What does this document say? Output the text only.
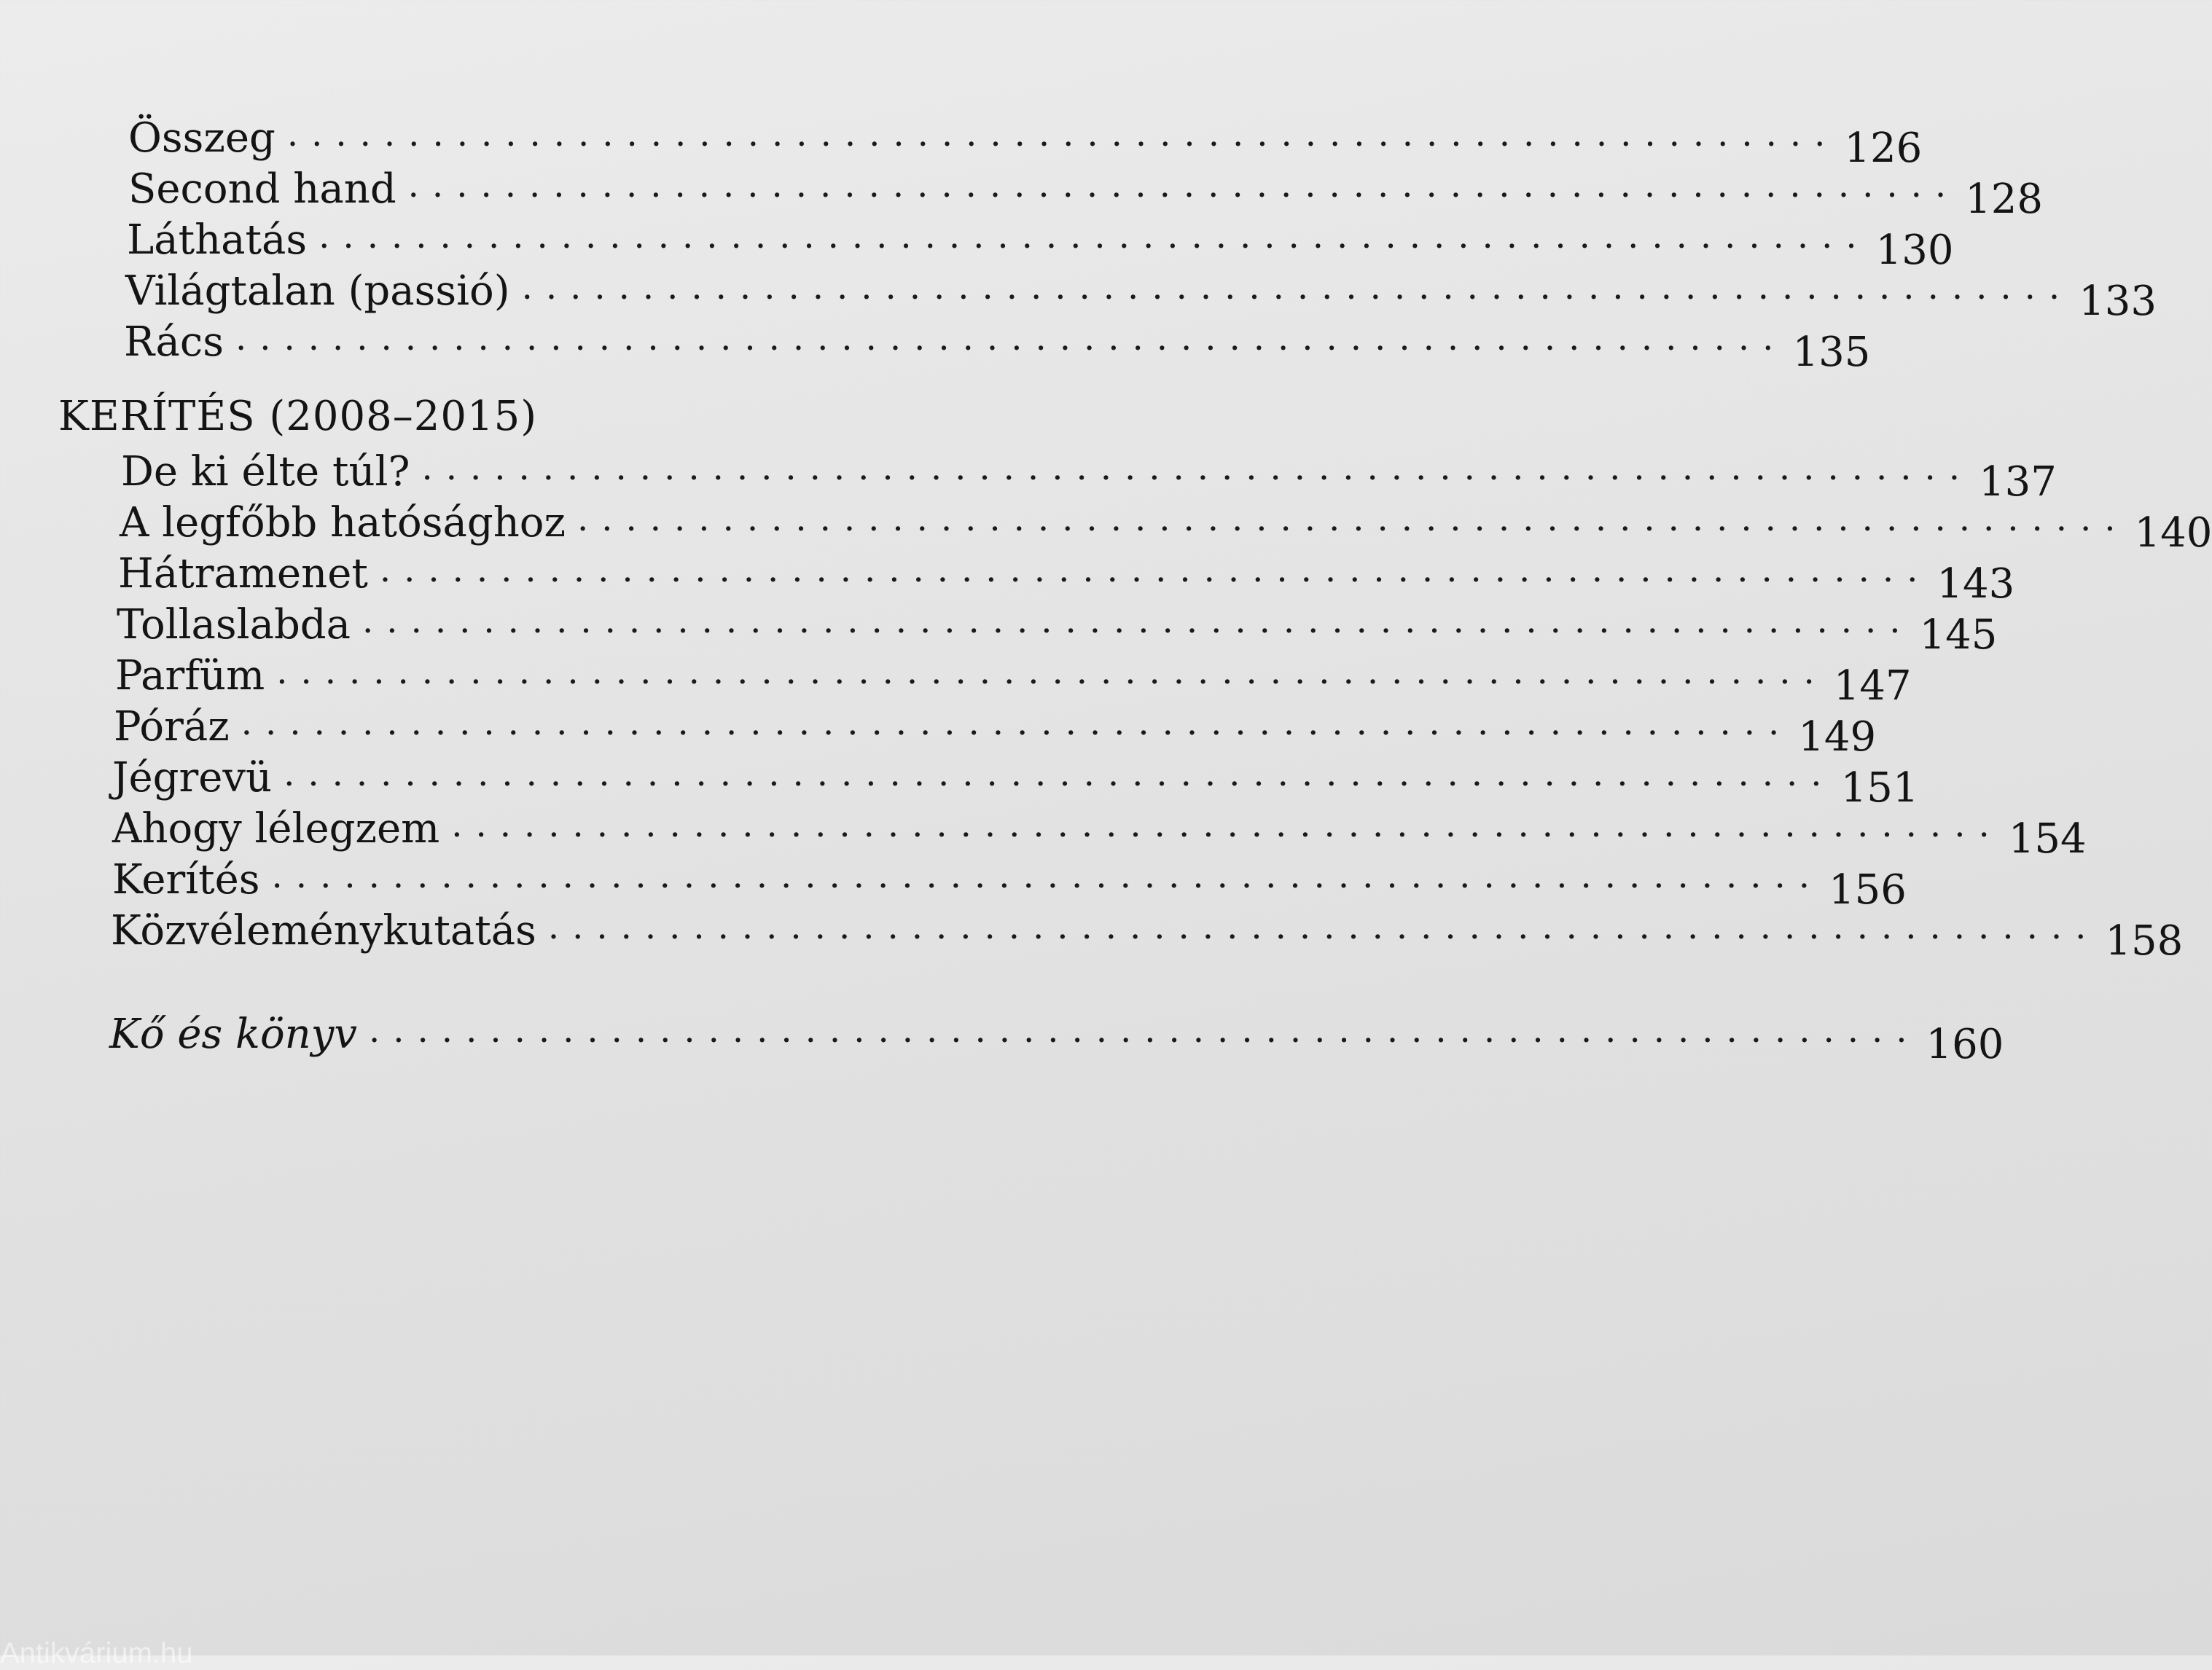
Összeg ................................................................ 126
Second hand ................................................................ 128
Láthatás ................................................................ 130
Világtalan (passió) ................................................................ 133
Rács ................................................................ 135
KERÍTÉS (2008–2015)
De ki élte túl? ................................................................ 137
A legfőbb hatósághoz ................................................................ 140
Hátramenet ................................................................ 143
Tollaslabda ................................................................ 145
Parfüm ................................................................ 147
Póráz ................................................................ 149
Jégrevü ................................................................ 151
Ahogy lélegzem ................................................................ 154
Kerítés ................................................................ 156
Közvéleménykutatás ................................................................ 158
Kő és könyv ................................................................ 160
Antikvárium.hu
